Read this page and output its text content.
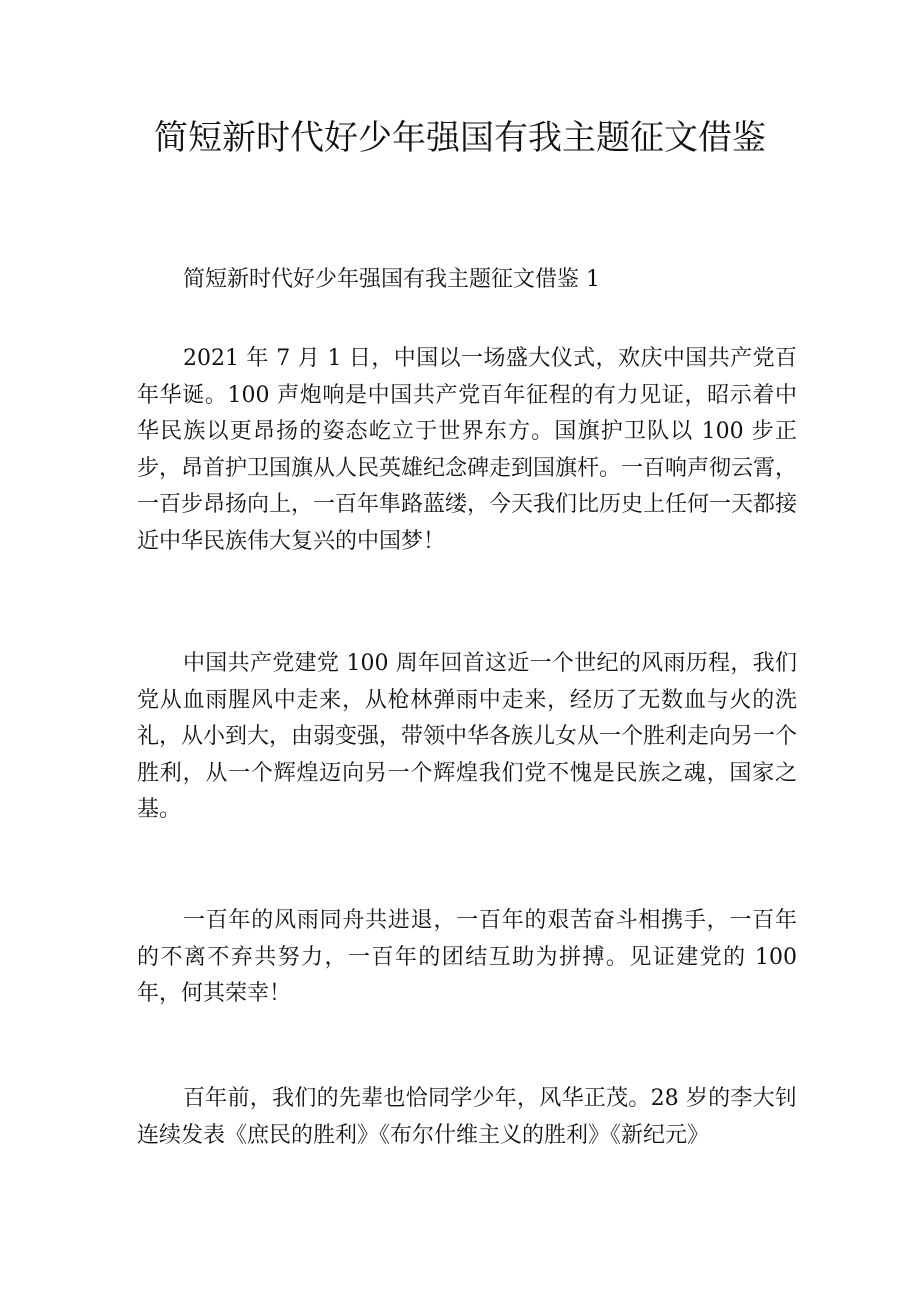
简短新时代好少年强国有我主题征文借鉴

简短新时代好少年强国有我主题征文借鉴 1

2021 年 7 月 1 日，中国以一场盛大仪式，欢庆中国共产党百年华诞。100 声炮响是中国共产党百年征程的有力见证，昭示着中华民族以更昂扬的姿态屹立于世界东方。国旗护卫队以 100 步正步，昂首护卫国旗从人民英雄纪念碑走到国旗杆。一百响声彻云霄，一百步昂扬向上，一百年隼路蓝缕，今天我们比历史上任何一天都接近中华民族伟大复兴的中国梦！

中国共产党建党 100 周年回首这近一个世纪的风雨历程，我们党从血雨腥风中走来，从枪林弹雨中走来，经历了无数血与火的洗礼，从小到大，由弱变强，带领中华各族儿女从一个胜利走向另一个胜利，从一个辉煌迈向另一个辉煌我们党不愧是民族之魂，国家之基。

一百年的风雨同舟共进退，一百年的艰苦奋斗相携手，一百年的不离不弃共努力，一百年的团结互助为拼搏。见证建党的 100 年，何其荣幸！

百年前，我们的先辈也恰同学少年，风华正茂。28 岁的李大钊连续发表《庶民的胜利》《布尔什维主义的胜利》《新纪元》
